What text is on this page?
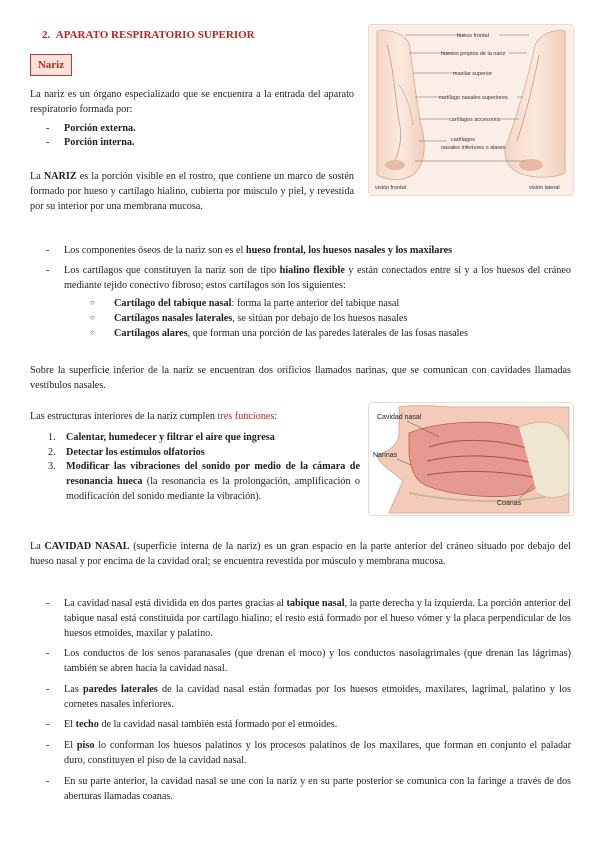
2. APARATO RESPIRATORIO SUPERIOR
Nariz

La nariz es un órgano especializado que se encuentra a la entrada del aparato respiratorio formada por:

- Porción externa.
- Porción interna.
La NARIZ es la porción visible en el rostro, que contiene un marco de sostén formado por hueso y cartílago hialino, cubierta por músculo y piel, y revestida por su interior por una membrana mucosa.
hueso frontal
huesos propios de la nariz
maxilar superior
cartílago nasales superiores
cartílagos accesorios
cartílagos
nasales inferiores o alares
visión frontal	visión lateral
- Los componentes óseos de la nariz son es el hueso frontal, los huesos nasales y los maxilares
- Los cartílagos que constituyen la nariz son de tipo hialino flexible y están conectados entre sí y a los huesos del cráneo mediante tejido conectivo fibroso; estos cartílagos son los siguientes:
○ Cartílago del tabique nasal: forma la parte anterior del tabique nasal
○ Cartílagos nasales laterales, se sitúan por debajo de los huesos nasales
○ Cartílagos alares, que forman una porción de las paredes laterales de las fosas nasales
Sobre la superficie inferior de la nariz se encuentran dos orificios llamados narinas, que se comunican con cavidades llamadas vestíbulos nasales.

Las estructuras interiores de la nariz cumplen tres funciones:

1. Calentar, humedecer y filtrar el aire que ingresa
2. Detectar los estímulos olfatorios
3. Modificar las vibraciones del sonido por medio de la cámara de resonancia hueca (la resonancia es la prolongación, amplificación o modificación del sonido mediante la vibración).
Cavidad nasal
Narinas
Coanas
La CAVIDAD NASAL (superficie interna de la nariz) es un gran espacio en la parte anterior del cráneo situado por debajo del hueso nasal y por encima de la cavidad oral; se encuentra revestida por músculo y membrana mucosa.
- La cavidad nasal está dividida en dos partes gracias al tabique nasal, la parte derecha y la izquierda. La porción anterior del tabique nasal está constituida por cartílago hialino; el resto está formado por el hueso vómer y la placa perpendicular de los huesos etmoides, maxilar y palatino.
- Los conductos de los senos paranasales (que drenan el moco) y los conductos nasolagrimales (que drenan las lágrimas) también se abren hacia la cavidad nasal.
- Las paredes laterales de la cavidad nasal están formadas por los huesos etmoides, maxilares, lagrimal, palatino y los cornetes nasales inferiores.
- El techo de la cavidad nasal también está formado por el etmoides.
- El piso lo conforman los huesos palatinos y los procesos palatinos de los maxilares, que forman en conjunto el paladar duro, constituyen el piso de la cavidad nasal.
- En su parte anterior, la cavidad nasal se une con la nariz y en su parte posterior se comunica con la faringe a través de dos aberturas llamadas coanas.
